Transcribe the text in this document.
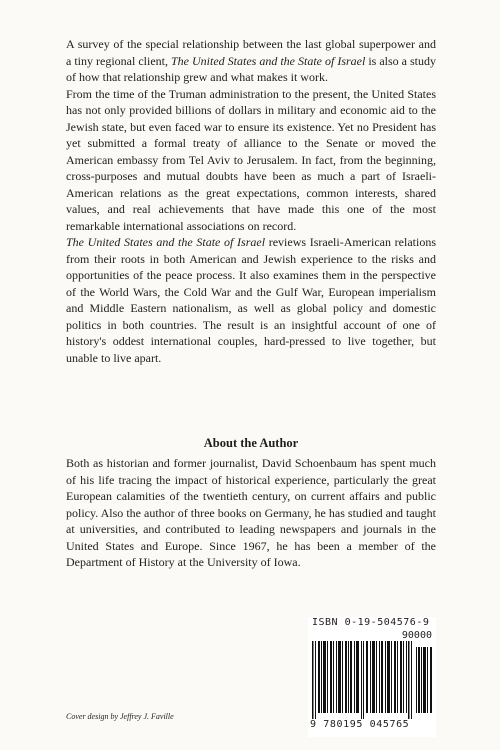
A survey of the special relationship between the last global superpower and a tiny regional client, The United States and the State of Israel is also a study of how that relationship grew and what makes it work.

From the time of the Truman administration to the present, the United States has not only provided billions of dollars in military and economic aid to the Jewish state, but even faced war to ensure its existence. Yet no President has yet submitted a formal treaty of alliance to the Senate or moved the American embassy from Tel Aviv to Jerusalem. In fact, from the beginning, cross-purposes and mutual doubts have been as much a part of Israeli-American relations as the great expectations, common interests, shared values, and real achievements that have made this one of the most remarkable international associations on record.

The United States and the State of Israel reviews Israeli-American relations from their roots in both American and Jewish experience to the risks and opportunities of the peace process. It also examines them in the perspective of the World Wars, the Cold War and the Gulf War, European imperialism and Middle Eastern nationalism, as well as global policy and domestic politics in both countries. The result is an insightful account of one of history's oddest international couples, hard-pressed to live together, but unable to live apart.

About the Author

Both as historian and former journalist, David Schoenbaum has spent much of his life tracing the impact of historical experience, particularly the great European calamities of the twentieth century, on current affairs and public policy. Also the author of three books on Germany, he has studied and taught at universities, and contributed to leading newspapers and journals in the United States and Europe. Since 1967, he has been a member of the Department of History at the University of Iowa.

ISBN 0-19-504576-9
90000
9 780195 045765
Cover design by Jeffrey J. Faville
